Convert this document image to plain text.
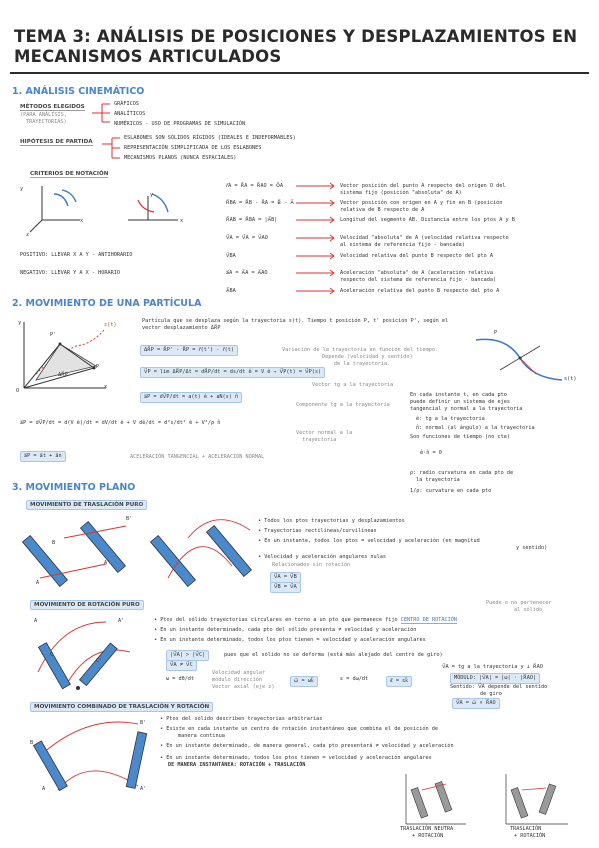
TEMA 3: ANÁLISIS DE POSICIONES Y DESPLAZAMIENTOS EN
MECANISMOS ARTICULADOS
1. ANÁLISIS CINEMÁTICO
MÉTODOS ELEGIDOS
(PARA ANÁLISIS,
TRAYECTORIAS)
GRÁFICOS
ANALÍTICOS
NUMÉRICOS - USO DE PROGRAMAS DE SIMULACIÓN
HIPÓTESIS DE PARTIDA
ESLABONES SON SÓLIDOS RÍGIDOS (IDEALES E INDEFORMABLES)
REPRESENTACIÓN SIMPLIFICADA DE LOS ESLABONES
MECANISMOS PLANOS (NUNCA ESPACIALES)
CRITERIOS DE NOTACIÓN
y
x
z
x
y
POSITIVO: LLEVAR X A Y - ANTIHORARIO
NEGATIVO: LLEVAR Y A X - HORARIO
r⃗A = R⃗A = R⃗AO = O⃗A	Vector posición del punto A respecto del origen O del
sistema fijo (posición "absoluta" de A)
R⃗BA = R⃗B - R⃗A = B⃗ - A⃗	Vector posición con origen en A y fin en B (posición
relativa de B respecto de A
R⃗AB = R⃗BA = |A⃗B|	Longitud del segmento AB. Distancia entre los ptos A y B
V⃗A = V⃗A = V⃗AO	Velocidad "absoluta" de A (velocidad relativa respecto
al sistema de referencia fijo - bancada)
V⃗BA	Velocidad relativa del punto B respecto del pto A
a⃗A = A⃗A = A⃗AO	Aceleración "absoluta" de A (aceleración relativa
respecto del sistema de referencia fijo - bancada)
A⃗BA	Aceleración relativa del punto B respecto del pto A
2. MOVIMIENTO DE UNA PARTÍCULA
y
x
O
P'
P
ΔR⃗P
s(t)
Partícula que se desplaza según la trayectoria s(t). Tiempo t posición P, t' posición P', según el
vector desplazamiento ΔR⃗P
ΔR⃗P = R⃗P' - R⃗P = r⃗(t') - r⃗(t)	Variación de la trayectoria en función del tiempo.
Depende (velocidad y sentido)
de la trayectoria.
V⃗P = lim ΔR⃗P/Δt = dR⃗P/dt = ds/dt ê = V ê → V⃗P(t) = V⃗P(s)
Vector tg a la trayectoria
a⃗P = dV⃗P/dt = a(t) ê + aN(s) n̂
Componente tg a la trayectoria
a⃗P = dV⃗P/dt = d(V ê)/dt = dV/dt ê + V dê/dt = d²s/dt² ê + V²/ρ n̂
Vector normal a la
trayectoria
a⃗P = a⃗t + a⃗n	ACELERACIÓN TANGENCIAL + ACELERACIÓN NORMAL
P
s(t)
En cada instante t, en cada pto
puede definir un sistema de ejes
tangencial y normal a la trayectoria
ê: tg a la trayectoria
n̂: normal (al ángulo) a la trayectoria
Son funciones de tiempo (no cte)
ê·n̂ = 0
ρ: radio curvatura en cada pto de
la trayectoria
1/ρ: curvatura en cada pto
3. MOVIMIENTO PLANO
MOVIMIENTO DE TRASLACIÓN PURO
A
B
A'
B'	• Todos los ptos trayectorias y desplazamientos
• Trayectorias rectilíneas/curvilíneas
• En un instante, todos los ptos = velocidad y aceleración (en magnitud
y sentido)
• Velocidad y aceleración angulares nulas
Relacionados sin rotación
V⃗A = V⃗B
V⃗B = V⃗A
MOVIMIENTO DE ROTACIÓN PURO
A
C
C'
A'
Puede o no pertenecer
al sólido
• Ptos del sólido trayectorias circulares en torno a un pto que permanece fijo CENTRO DE ROTACIÓN
• En un instante determinado, cada pto del sólido presenta ≠ velocidad y aceleración
• En un instante determinado, todos los ptos tienen = velocidad y aceleración angulares
|V⃗A| > |V⃗C|	pues que el sólido no se deforma (está más alejado del centro de giro)
V⃗A ≠ V⃗C
ω = dθ/dt
Velocidad angular
módulo dirección
Vector axial (eje z)
ω⃗ = ωk⃗	ε = dω/dt	ε⃗ = εk⃗
V⃗A = tg a la trayectoria y ⊥ R⃗AO
MÓDULO: |V⃗A| = |ω| · |R⃗AO|
Sentido: V⃗A depende del sentido
de giro
V⃗A = ω⃗ × R⃗AO
MOVIMIENTO COMBINADO DE TRASLACIÓN Y ROTACIÓN
B
A
B'
A'
• Ptos del sólido describen trayectorias arbitrarias
• Existe en cada instante un centro de rotación instantáneo que combina el de posición de
manera continua
• En un instante determinado, de manera general, cada pto presentará ≠ velocidad y aceleración
• En un instante determinado, todos los ptos tienen = velocidad y aceleración angulares
DE MANERA INSTANTÁNEA: ROTACIÓN + TRASLACIÓN
TRASLACIÓN NEUTRA
+ ROTACIÓN
TRASLACIÓN
+ ROTACIÓN
